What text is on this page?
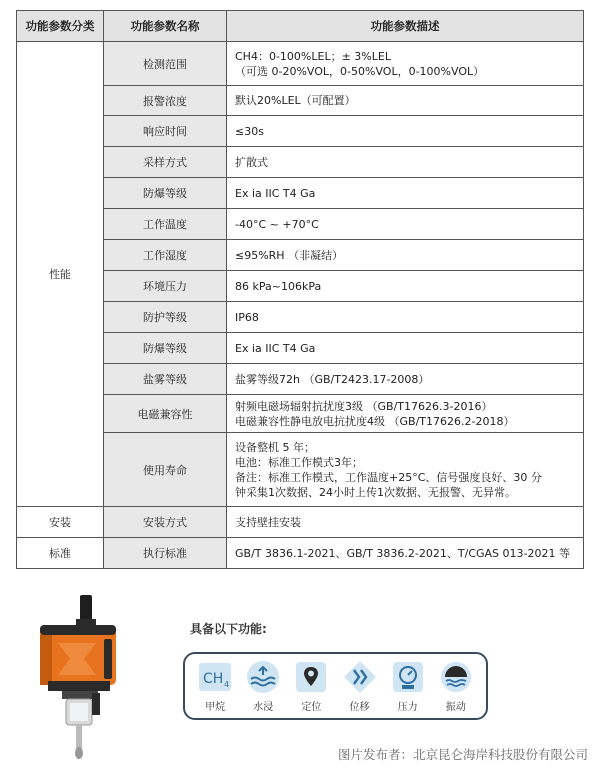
功能参数分类	功能参数名称	功能参数描述
性能	检测范围	CH4：0-100%LEL；± 3%LEL
（可选 0-20%VOL，0-50%VOL，0-100%VOL）

	报警浓度	默认20%LEL（可配置）
	响应时间	≤30s
	采样方式	扩散式
	防爆等级	Ex ia IIC T4 Ga
	工作温度	-40°C ~ +70°C
	工作湿度	≤95%RH （非凝结）
	环境压力	86 kPa~106kPa
	防护等级	IP68
	防爆等级	Ex ia IIC T4 Ga
	盐雾等级	盐雾等级72h （GB/T2423.17-2008）
	电磁兼容性	射频电磁场辐射抗扰度3级 （GB/T17626.3-2016）
电磁兼容性静电放电抗扰度4级 （GB/T17626.2-2018）

	使用寿命	设备整机 5 年；
电池：标准工作模式3年；
备注：标准工作模式，工作温度+25°C、信号强度良好、30 分
钟采集1次数据、24小时上传1次数据、无报警、无异常。

安装	安装方式	支持壁挂安装
标准	执行标准	GB/T 3836.1-2021、GB/T 3836.2-2021、T/CGAS 013-2021 等
具备以下功能:
CH 4
甲烷	水浸	定位	位移	压力	振动
图片发布者：北京昆仑海岸科技股份有限公司
